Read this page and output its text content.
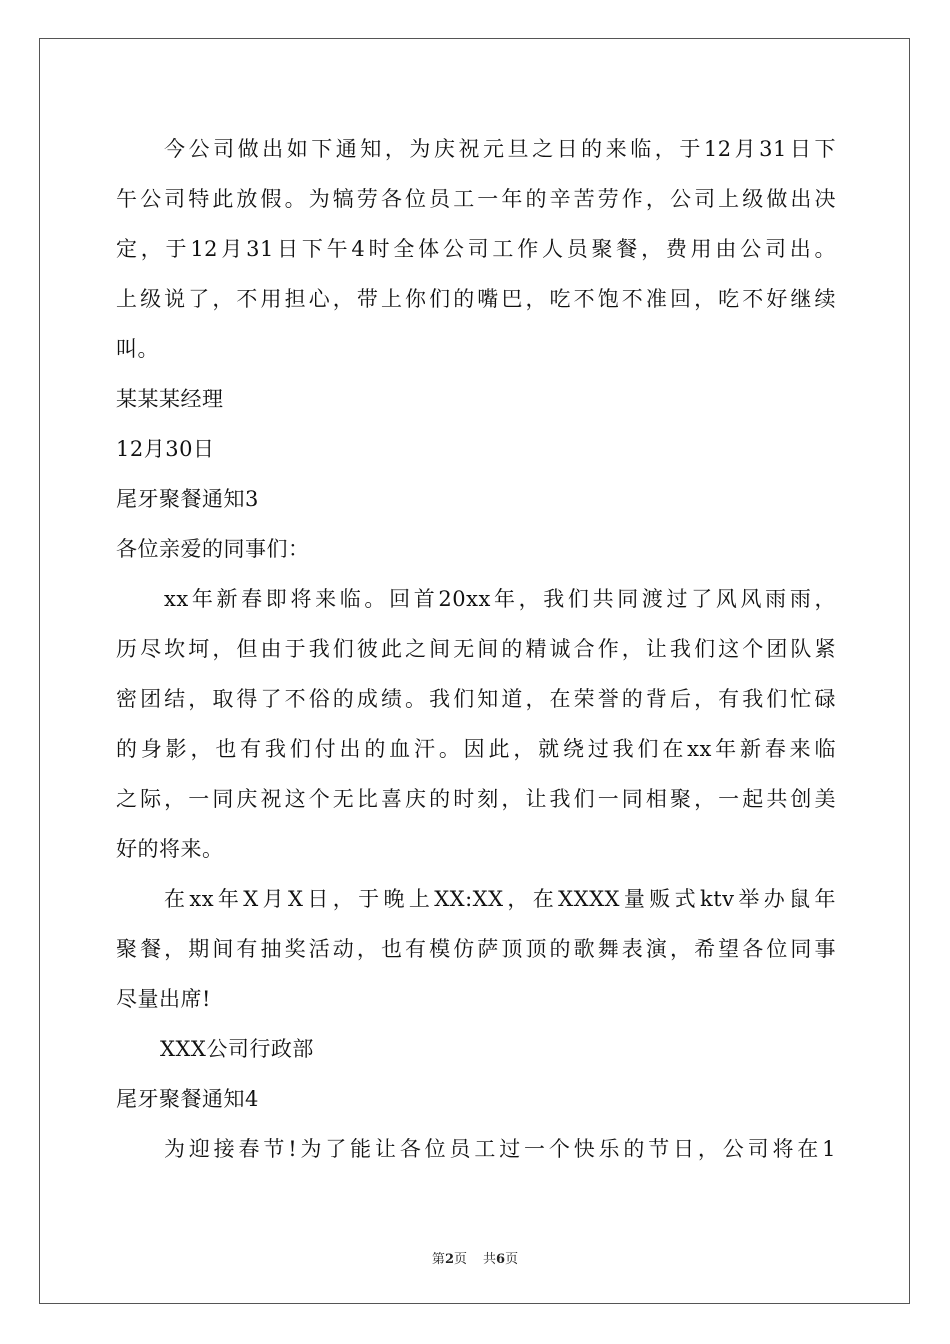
今公司做出如下通知，为庆祝元旦之日的来临，于12月31日下
午公司特此放假。为犒劳各位员工一年的辛苦劳作，公司上级做出决
定，于12月31日下午4时全体公司工作人员聚餐，费用由公司出。
上级说了，不用担心，带上你们的嘴巴，吃不饱不准回，吃不好继续
叫。
某某某经理
12月30日
尾牙聚餐通知3
各位亲爱的同事们：
xx年新春即将来临。回首20xx年，我们共同渡过了风风雨雨，
历尽坎坷，但由于我们彼此之间无间的精诚合作，让我们这个团队紧
密团结，取得了不俗的成绩。我们知道，在荣誉的背后，有我们忙碌
的身影，也有我们付出的血汗。因此，就绕过我们在xx年新春来临
之际，一同庆祝这个无比喜庆的时刻，让我们一同相聚，一起共创美
好的将来。
在xx年X月X日，于晚上XX:XX，在XXXX量贩式ktv举办鼠年
聚餐，期间有抽奖活动，也有模仿萨顶顶的歌舞表演，希望各位同事
尽量出席!
XXX公司行政部
尾牙聚餐通知4
为迎接春节!为了能让各位员工过一个快乐的节日，公司将在1
第2页 共6页
